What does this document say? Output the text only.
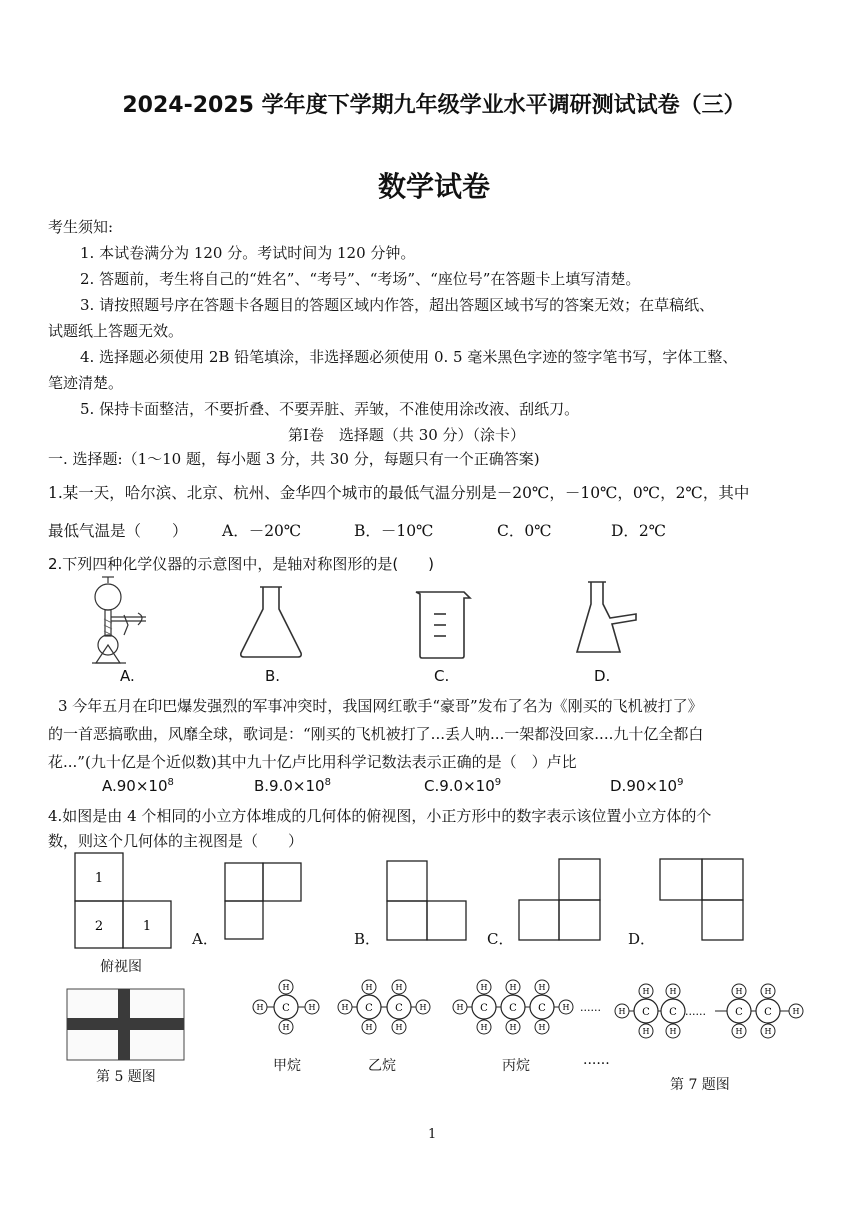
2024-2025 学年度下学期九年级学业水平调研测试试卷（三）
数学试卷
考生须知:
1. 本试卷满分为 120 分。考试时间为 120 分钟。
2. 答题前，考生将自己的“姓名”、“考号”、“考场”、“座位号”在答题卡上填写清楚。
3. 请按照题号序在答题卡各题目的答题区域内作答，超出答题区域书写的答案无效；在草稿纸、
试题纸上答题无效。
4. 选择题必须使用 2B 铅笔填涂，非选择题必须使用 0. 5 毫米黑色字迹的签字笔书写，字体工整、
笔迹清楚。
5. 保持卡面整洁，不要折叠、不要弄脏、弄皱，不准使用涂改液、刮纸刀。
第Ⅰ卷　选择题（共 30 分）（涂卡）
一. 选择题:（1～10 题，每小题 3 分，共 30 分，每题只有一个正确答案)
1.某一天，哈尔滨、北京、杭州、金华四个城市的最低气温分别是－20℃，－10℃，0℃，2℃，其中
最低气温是（　　） A．－20℃	B．－10℃	C．0℃	D．2℃
2.下列四种化学仪器的示意图中，是轴对称图形的是(　　)
A.	B.	C.	D.
3 今年五月在印巴爆发强烈的军事冲突时，我国网红歌手“豪哥”发布了名为《刚买的飞机被打了》
的一首恶搞歌曲，风靡全球，歌词是：“刚买的飞机被打了...丢人呐...一架都没回家....九十亿全都白
花...”(九十亿是个近似数)其中九十亿卢比用科学记数法表示正确的是（　）卢比
$A.90\times 10^8$	$B.9.0\times 10^8$	$C.9.0\times 10^9$	$D.90\times 10^9$
4.如图是由 4 个相同的小立方体堆成的几何体的俯视图，小正方形中的数字表示该位置小立方体的个
数，则这个几何体的主视图是（　　）
1
2	1
俯视图
A．	B．	C．	D．
第 5 题图
C	C C	C C C	C C	C C
H
H
H	H	H	H
H
H
H
H
H	H
H
H
H
H
H
H
H
H
H
H
H
H
H
H
H
H
......	......
甲烷	乙烷	丙烷	......
第 7 题图
1
